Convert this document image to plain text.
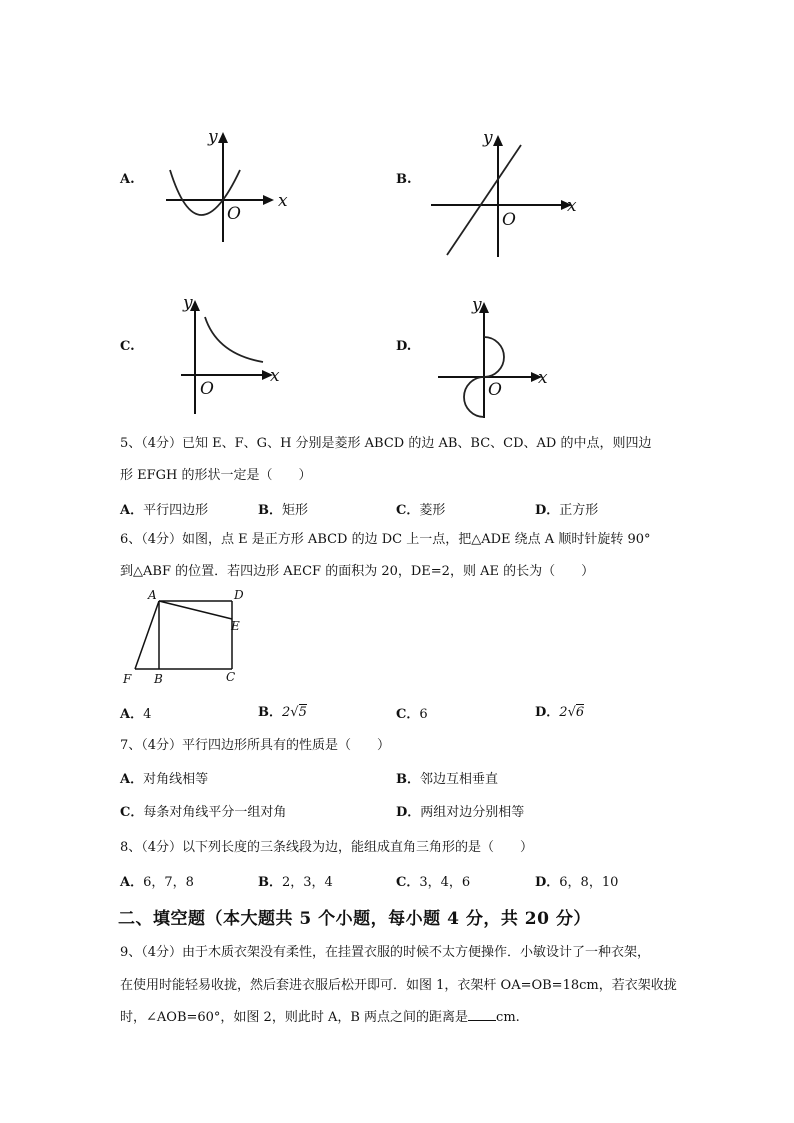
A.
x
y
O
B.
x
y
O
C.
x
y
O
D.
x
y
O
5、（4分）已知 E、F、G、H 分别是菱形 ABCD 的边 AB、BC、CD、AD 的中点，则四边
形 EFGH 的形状一定是（　　）
A．平行四边形	B．矩形	C．菱形	D．正方形
6、（4分）如图，点 E 是正方形 ABCD 的边 DC 上一点，把△ADE 绕点 A 顺时针旋转 90°
到△ABF 的位置．若四边形 AECF 的面积为 20，DE=2，则 AE 的长为（　　）
A	D
E
F B	C
A．4	B．2√5	C．6	D．2√6
7、（4分）平行四边形所具有的性质是（　　）
A．对角线相等	B．邻边互相垂直
C．每条对角线平分一组对角	D．两组对边分别相等
8、（4分）以下列长度的三条线段为边，能组成直角三角形的是（　　）
A．6，7，8	B．2，3，4	C．3，4，6	D．6，8，10
二、填空题（本大题共 5 个小题，每小题 4 分，共 20 分）
9、（4分）由于木质衣架没有柔性，在挂置衣服的时候不太方便操作．小敏设计了一种衣架，
在使用时能轻易收拢，然后套进衣服后松开即可．如图 1，衣架杆 OA=OB=18cm，若衣架收拢
时，∠AOB=60°，如图 2，则此时 A，B 两点之间的距离是 cm.
